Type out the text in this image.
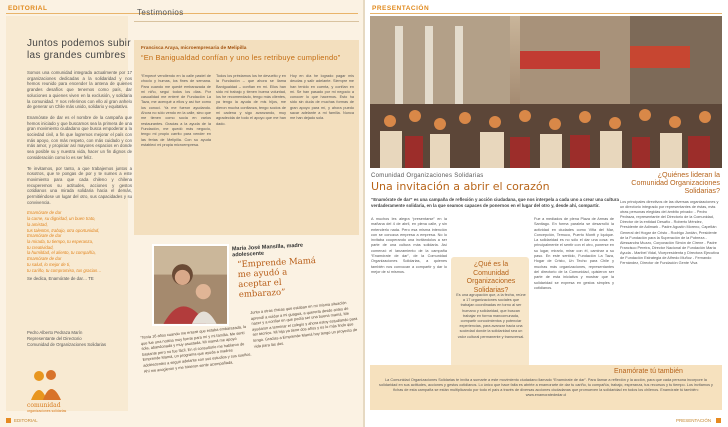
EDITORIAL
Juntos podemos subir las grandes cumbres

Somos una comunidad integrada actualmente por 17 organizaciones dedicadas a la solidaridad y nos hemos reunido para encender la antena de quienes grandes desafíos que tenemos como país, dar soluciones a quienes viven en la exclusión, y solidaria la comunidad. Y nos referimos con ello al gran anhelo de generar un Chile más unido, solidario y equitativo.

Enamórate de dar es el nombre de la campaña que hemos iniciado y que buscamos sea la primera de una gran movimiento ciudadano que busca empoderar a la sociedad civil, a fin que logremos mejorar el país con más apoyo, con más respeto, con más cuidado y con más amor, y propiciar así mayores espacios en donde sea posible su y nuestra vida, hacer un fin dignos de consideración como lo es ser feliz.

Te invitamos, por tanto, a que trabajemos juntos a nosotros, que te pongas de por y te sumes a este movimiento para que cada chileno y chilena recuperemos su actitudes, acciones y gestos cotidianos una mirada solidaria hacia el demás, permitiéndose un lugar del otro, sus capacidades y su convivencia.

Enamórate de dar
la carne, su dignidad, un buen trato,
la amistad,
tus talentos, trabajo, otra oportunidad,
Enamórate de dar
la mirada, tu tiempo, tu esperanza,
tu creatividad,
la humildad, el aliento, tu compañía,
Enamórate de dar
tu salud, lo mejor de ti,
tu cariño, tu compromiso, tus gracias…
Se dedica, Enamórate de dar… TE
Pedro Alberto Pedraza Marín
Representante del Directorio
Comunidad de Organizaciones Solidarias
comunidad
organizaciones solidarias
EDITORIAL
Testimonios
Francisca Araya, microempresaria de Melipilla
“En Banigualdad confían y uno les retribuye cumpliendo”
“Empecé vendiendo en la calle pastel de choclo y humas, los fines de semana. Para cuando me quedé embarazada de mi niño, seguí todos los días. Por casualidad me enteré de Fundación La Taza, me acerqué a ellos y así fue como los conocí. Ya me fueron ayudando. Ahora no sólo vendo en la calle, sino que me tienen como socia en varios restaurantes. Gracias a la ayuda de la Fundación, me quedó más negocio, tengo mi propio carrito para vender en las ferias de Melipilla. Con su ayuda establecí mi propia microempresa.
Todos los préstamos los he devuelto y en la Fundación – que ahora se llama Banigualdad – confían en mí. Ellos han sido mi trabajo y tienen buena voluntad, los he recomendado, tengo más clientes, ya tengo la ayuda de mis hijos, me dieron mucha confianza, tengo socios de mi cadena y sigo avanzando, muy agradecida de todo el apoyo que me han dado.
Hoy en día he logrado pagar mis deudas y salir adelante. Siempre me han tenido en cuenta, y confían en mí. Se han pasado por mi negocio a conocer lo que hacemos. Esto ha sido sin duda de muchas formas de gran apoyo para mí, y ahora puedo sacar adelante a mi familia. Nunca me han dejado sola.
María José Mansilla, madre adolescente
“Emprende Mamá me ayudó a aceptar el embarazo”
“Tenía 16 años cuando me enteré que estaba embarazada, lo que fue una noticia muy fuerte para mí y mi familia. Me sentí sola, abandonada y muy asustada. Mi mamá me apoyó bastante pero no fue fácil. En el consultorio me hablaron de Emprende Mamá, un programa que ayuda a madres adolescentes a seguir adelante con sus estudios y sus sueños. Ahí me acogieron y me hicieron sentir acompañada.
Junto a otras chicas que estaban en mi misma situación aprendí a cuidar a mi guagua, a quererla desde antes de nacer y a confiar en que podía ser una buena mamá. Me ayudaron a terminar el colegio y ahora estoy estudiando para ser técnico. Mi hija ya tiene dos años y es lo más lindo que tengo. Gracias a Emprende Mamá hoy tengo un proyecto de vida para las dos.
PRESENTACIÓN
Comunidad Organizaciones Solidarias
Una invitación a abrir el corazón
“Enamórate de dar” es una campaña de reflexión y acción ciudadana, que nos interpela a cada uno a crear una cultura verdaderamente solidaria, en la que seamos capaces de ponernos en el lugar del otro y, desde ahí, compartir.
A muchos les alegra “presentarse” en la mañana del 4 de abril, en plena calle, y sin entenderlo nada. Pero esa misma intención con se conozca empresa a empresa. No lo invitaba cooperando una invitándolos a ser parte de una cultura más solidaria. Así comenzó el lanzamiento de la campaña “Enamórate de dar”, de la Comunidad Organizaciones Solidarias, a quienes también nos convocan a compartir y dar lo mejor de sí mismos.
Fue a mediados de plena Plaza de Armas de Santiago. En forma paralela se desarrolló la actividad en ciudades como Viña del Mar, Concepción, Temuco, Puerto Montt y Iquique. La solidaridad es no sólo el dar una cosa: es principalmente el sentir con el otro, ponerse en su lugar, mirarlo, mirar con él, caminar a su paso. En este sentido, Fundación La Taza, Hogar de Cristo, Un Techo para Chile y muchas más organizaciones, representantes del directorio de la Comunidad, quisieron ser parte de esta iniciativa y mostrar que la solidaridad se expresa en gestos simples y cotidianos.
¿Qué es la Comunidad Organizaciones Solidarias?
Es una agrupación que, a la fecha, reúne a 17 organizaciones sociales que trabajan coordinadas en torno al ser humano y solidaridad, que buscan trabajar en forma mancomunada, compartir conocimientos y potenciar experiencias, para avanzar hacia una sociedad donde la solidaridad sea un valor cultural permanente y transversal.
¿Quiénes lideran la Comunidad Organizaciones Solidarias?
Los principales directivos de las diversas organizaciones y un directorio integrado por representantes de éstas, más otras personas elegidas del ámbito privado: - Pedro Pedraza, representante del Directorio de la Comunidad, Director de la entidad Desafío - Roberto Méndez, Presidente de Adimark - Padre Agustín Moreno, Capellán General del Hogar de Cristo - Rodrigo Jordán, Presidente de la Fundación para la Superación de la Pobreza - Alessandra Muzzo, Corporación Simón de Cirene - Padre Francisco Pereira, Director Nacional de Fundación María Ayuda - Maribel Vidal, Vicepresidenta y Directora Ejecutiva de Fundación Estrategia de Alfredo Muñoz - Fernando Fernández, Director de Fundación Gente Viva
Enamórate tú también
La Comunidad Organizaciones Solidarias te invita a sumarte a este movimiento ciudadano llamado “Enamórate de dar”. Para llamar a reflexión y la acción, para que cada persona incorpore la solidaridad en sus actitudes, acciones y gestos cotidianos. Lo único que hace falta es abrirte a enamorarte de dar tu cariño, tu compañía, trabajo, esperanza, tus recursos y tu tiempo. Los invitamos y fichas de esta campaña se están multiplicando por todo el país a través de diversas acciones ciudadanas que promueven la solidaridad en todos los chilenos. Enamórate tú también: www.enamoratededar.cl
PRESENTACIÓN
